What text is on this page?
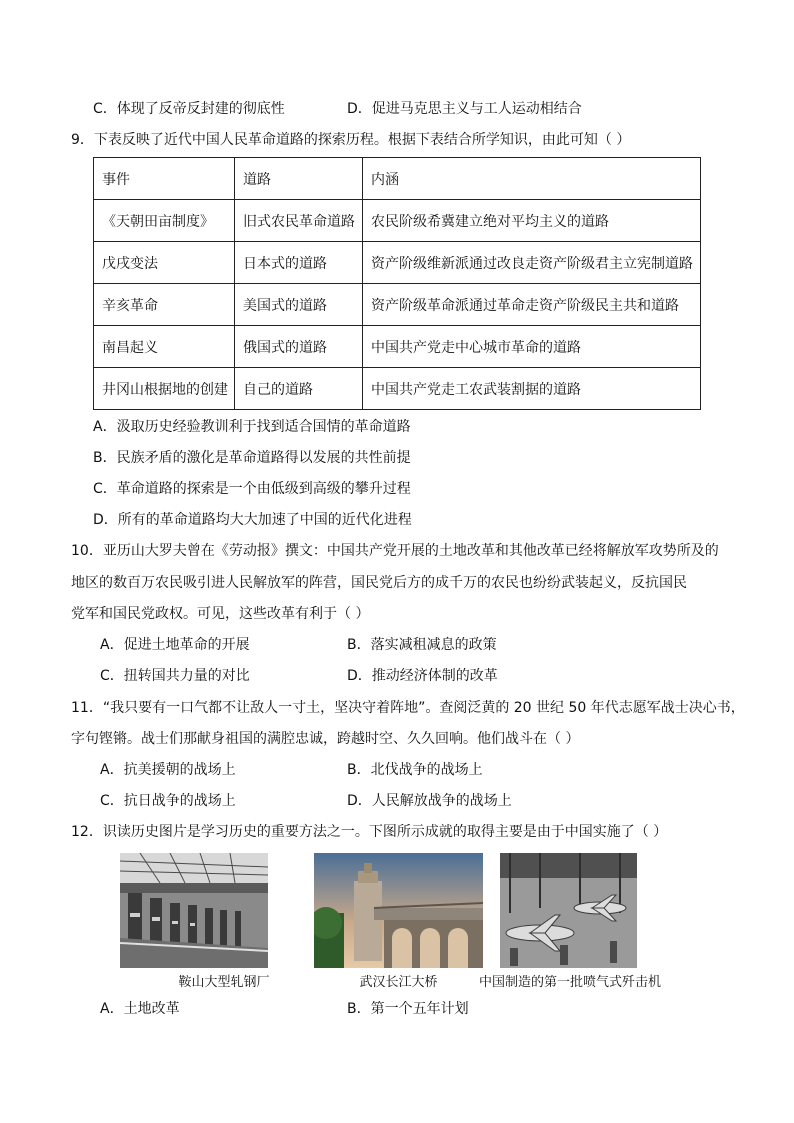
C．体现了反帝反封建的彻底性	D．促进马克思主义与工人运动相结合
9．下表反映了近代中国人民革命道路的探索历程。根据下表结合所学知识，由此可知（ ）
事件	道路	内涵
《天朝田亩制度》	旧式农民革命道路	农民阶级希冀建立绝对平均主义的道路
戊戌变法	日本式的道路	资产阶级维新派通过改良走资产阶级君主立宪制道路
辛亥革命	美国式的道路	资产阶级革命派通过革命走资产阶级民主共和道路
南昌起义	俄国式的道路	中国共产党走中心城市革命的道路
井冈山根据地的创建	自己的道路	中国共产党走工农武装割据的道路
A．汲取历史经验教训利于找到适合国情的革命道路
B．民族矛盾的激化是革命道路得以发展的共性前提
C．革命道路的探索是一个由低级到高级的攀升过程
D．所有的革命道路均大大加速了中国的近代化进程
10．亚历山大罗夫曾在《劳动报》撰文：中国共产党开展的土地改革和其他改革已经将解放军攻势所及的
地区的数百万农民吸引进人民解放军的阵营，国民党后方的成千万的农民也纷纷武装起义，反抗国民
党军和国民党政权。可见，这些改革有利于（ ）
A．促进土地革命的开展	B．落实减租减息的政策
C．扭转国共力量的对比	D．推动经济体制的改革
11．“我只要有一口气都不让敌人一寸土，坚决守着阵地”。查阅泛黄的 20 世纪 50 年代志愿军战士决心书，
字句铿锵。战士们那献身祖国的满腔忠诚，跨越时空、久久回响。他们战斗在（ ）
A．抗美援朝的战场上	B．北伐战争的战场上
C．抗日战争的战场上	D．人民解放战争的战场上
12．识读历史图片是学习历史的重要方法之一。下图所示成就的取得主要是由于中国实施了（ ）
鞍山大型轧钢厂	武汉长江大桥	中国制造的第一批喷气式歼击机
A．土地改革	B．第一个五年计划
